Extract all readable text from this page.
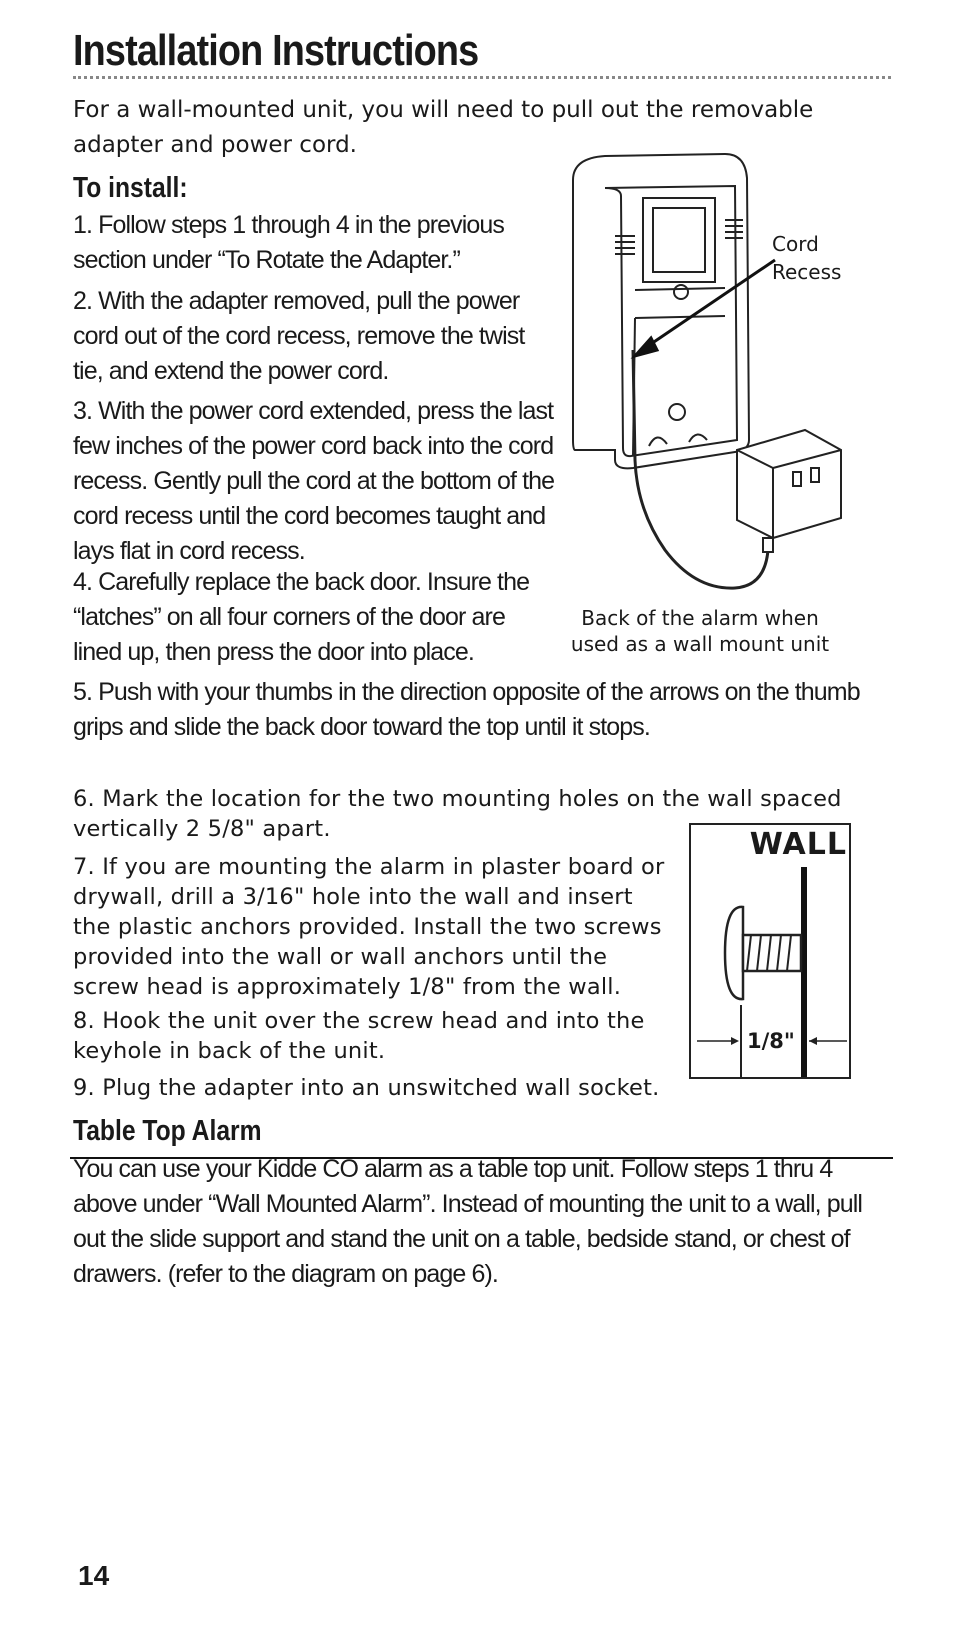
Installation Instructions
For a wall-mounted unit, you will need to pull out the removable adapter and power cord.
To install:
1. Follow steps 1 through 4 in the previous section under “To Rotate the Adapter.”
2. With the adapter removed, pull the power cord out of the cord recess, remove the twist tie, and extend the power cord.
3. With the power cord extended, press the last few inches of the power cord back into the cord recess. Gently pull the cord at the bottom of the cord recess until the cord becomes taught and lays flat in cord recess.
4. Carefully replace the back door. Insure the “latches” on all four corners of the door are lined up, then press the door into place.
5. Push with your thumbs in the direction opposite of the arrows on the thumb grips and slide the back door toward the top until it stops.
6. Mark the location for the two mounting holes on the wall spaced vertically 2 5/8" apart.
7. If you are mounting the alarm in plaster board or drywall, drill a 3/16" hole into the wall and insert the plastic anchors provided. Install the two screws provided into the wall or wall anchors until the screw head is approximately 1/8" from the wall.
8. Hook the unit over the screw head and into the keyhole in back of the unit.
9. Plug the adapter into an unswitched wall socket.
Cord
Recess
Back of the alarm when
used as a wall mount unit
WALL
1/8"
Table Top Alarm
You can use your Kidde CO alarm as a table top unit. Follow steps 1 thru 4 above under “Wall Mounted Alarm”. Instead of mounting the unit to a wall, pull out the slide support and stand the unit on a table, bedside stand, or chest of drawers. (refer to the diagram on page 6).
14
